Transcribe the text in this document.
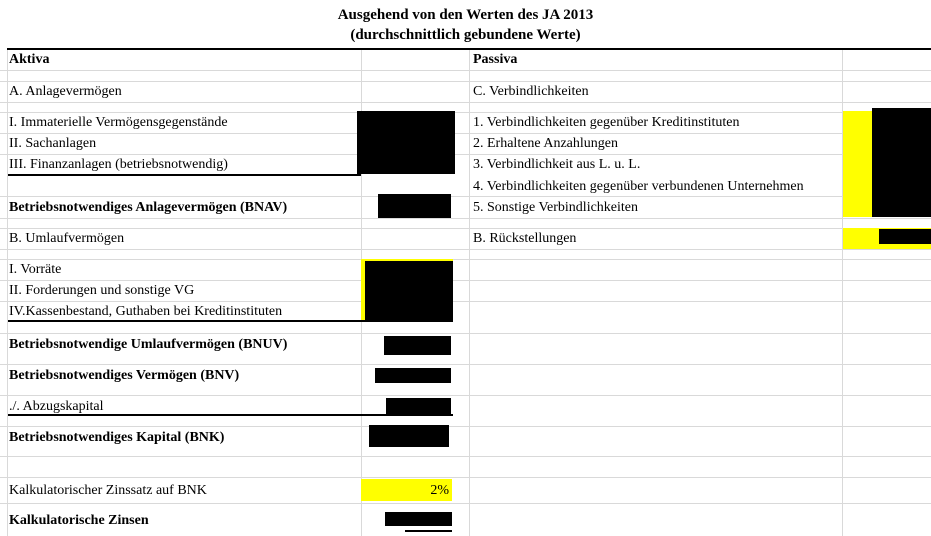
Ausgehend von den Werten des JA 2013
(durchschnittlich gebundene Werte)
Aktiva
A. Anlagevermögen
I. Immaterielle Vermögensgegenstände
II. Sachanlagen
III. Finanzanlagen (betriebsnotwendig)
Betriebsnotwendiges Anlagevermögen (BNAV)
B. Umlaufvermögen
I. Vorräte
II. Forderungen und sonstige VG
IV.Kassenbestand, Guthaben bei Kreditinstituten
Betriebsnotwendige Umlaufvermögen (BNUV)
Betriebsnotwendiges Vermögen (BNV)
./. Abzugskapital
Betriebsnotwendiges Kapital (BNK)
Kalkulatorischer Zinssatz auf BNK
Kalkulatorische Zinsen
2%
Passiva
C. Verbindlichkeiten
1. Verbindlichkeiten gegenüber Kreditinstituten
2. Erhaltene Anzahlungen
3. Verbindlichkeit aus L. u. L.
4. Verbindlichkeiten gegenüber verbundenen Unternehmen
5. Sonstige Verbindlichkeiten
B. Rückstellungen
